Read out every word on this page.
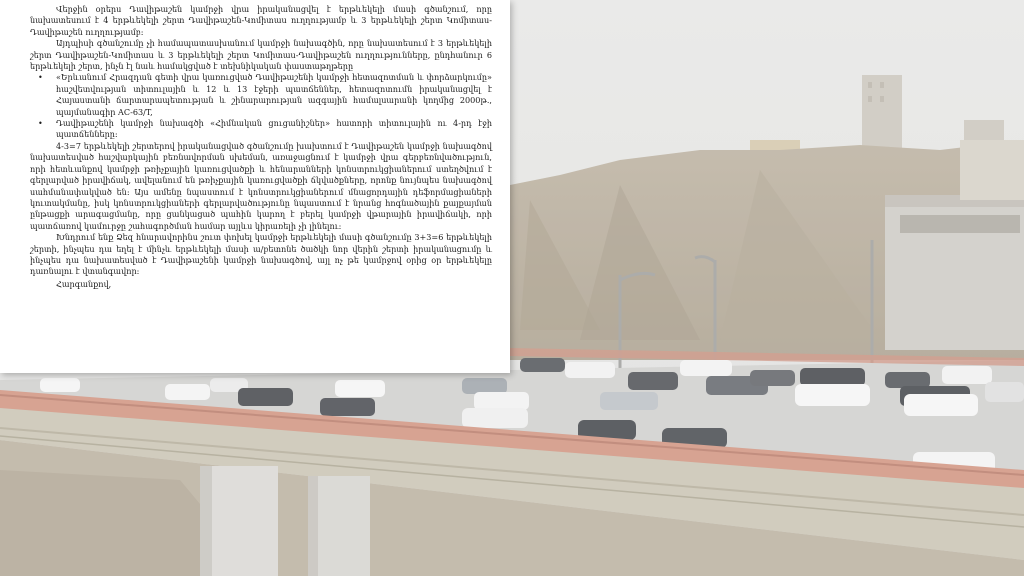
Վերջին օրերս Դավիթաշեն կամրջի վրա իրականացվել է երթևեկելի մասի գծանշում, որը նախատեսում է 4 երթևեկելի շերտ Դավիթաշեն-Կոմիտաս ուղղությամբ և 3 երթևեկելի շերտ Կոմիտաս-Դավիթաշեն ուղղությամբ:

Այդպիսի գծանշումը չի համապատասխանում կամրջի նախագծին, որը նախատեսում է 3 երթևեկելի շերտ Դավիթաշեն-Կոմիտաս և 3 երթևեկելի շերտ Կոմիտաս-Դավիթաշեն ուղղությունները, ընդհանուր 6 երթևեկելի շերտ, ինչն էլ նաև համակցված է տեխնիկական փաստաթղթերը

• «Երևանում Հրազդան գետի վրա կառուցված Դավիթաշենի կամրջի հետազոտման և փորձարկումը» հաշվետվության տիտուլային և 12 և 13 էջերի պատճեններ, հետազոտումն իրականացվել է Հայաստանի ճարտարապետության և շինարարության ազգային համալսարանի կողմից 2000թ., պայմանագիր AC-63/T,

• Դավիթաշենի կամրջի նախագծի «Հիմնական ցուցանիշներ» հատորի տիտուլային ու 4-րդ էջի պատճենները:

4-3=7 երթևեկելի շերտերով իրականացված գծանշումը խախտում է Դավիթաշեն կամրջի նախագծով նախատեսված հաշվարկային բեռնավորման սխեման, առաջացնում է կամրջի վրա գերբեռնվածություն, որի հետևանքով կամրջի թռիչքային կառուցվածքի և հենարանների կոնստրուկցիաներում ստեղծվում է գերլարված իրավիճակ, ավելանում են թռիչքային կառուցվածքի ճկվածքները, որոնք նույնպես նախագծով սահմանափակված են: Այս ամենը նպաստում է կոնստրուկցիաներում մնացորդային դեֆորմացիաների կուտակմանը, իսկ կոնստրուկցիաների գերլարվածությունը նպաստում է նրանց հոգնածային քայքայման ընթացքի արագացմանը, որը ցանկացած պահին կարող է բերել կամրջի վթարային իրավիճակի, որի պատճառով կամուրջը շահագործման համար այլևս կիրառելի չի լինելու:

Խնդրում ենք Ձեզ հնարավորինս շուտ փոխել կամրջի երթևեկելի մասի գծանշումը 3+3=6 երթևեկելի շերտի, ինչպես դա եղել է մինչև երթևեկելի մասի ա/բետոնե ծածկի նոր վերին շերտի իրականացումը և ինչպես դա նախատեսված է Դավիթաշենի կամրջի նախագծով, այլ ոչ թե կամրջով օրից օր երթևեկելը դառնալու է վտանգավոր:

Հարգանքով,
